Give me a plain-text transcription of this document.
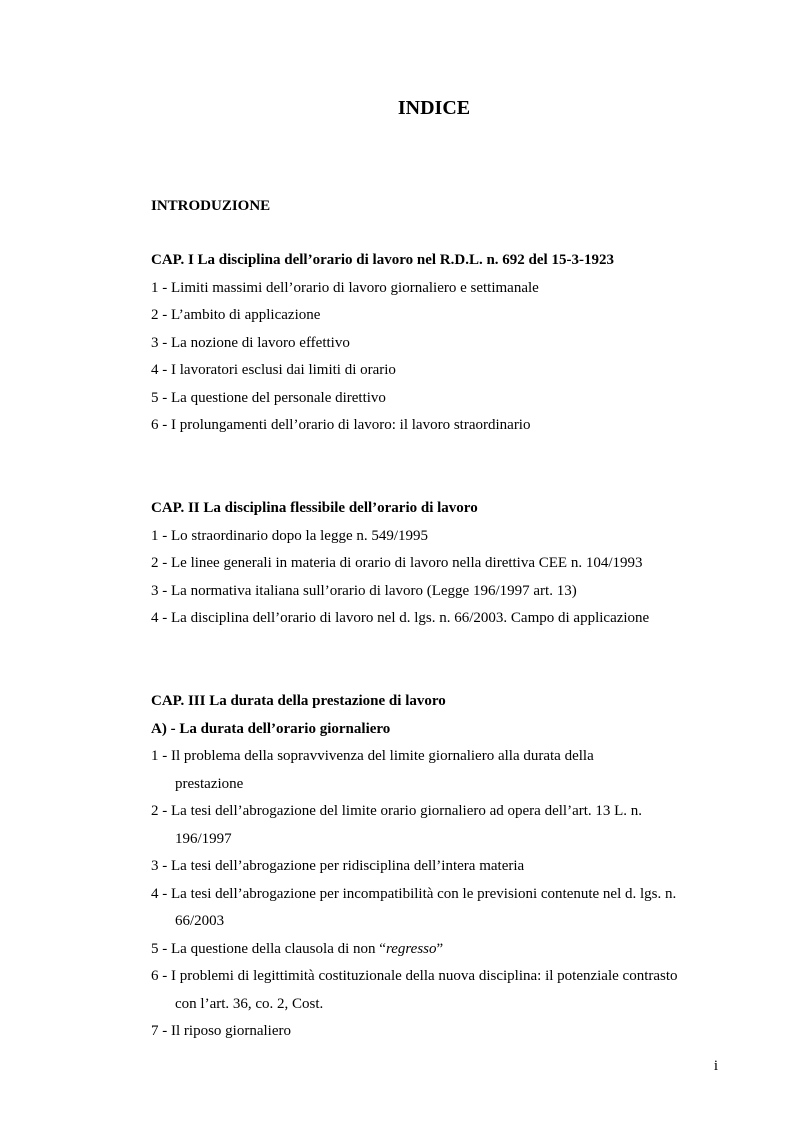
INDICE
INTRODUZIONE
CAP. I La disciplina dell’orario di lavoro nel R.D.L. n. 692 del 15-3-1923
1 - Limiti massimi dell’orario di lavoro giornaliero e settimanale
2 - L’ambito di applicazione
3 - La nozione di lavoro effettivo
4 - I lavoratori esclusi dai limiti di orario
5 - La questione del personale direttivo
6 - I prolungamenti dell’orario di lavoro: il lavoro straordinario
CAP. II La disciplina flessibile dell’orario di lavoro
1 - Lo straordinario dopo la legge n. 549/1995
2 - Le linee generali in materia di orario di lavoro nella direttiva CEE n. 104/1993
3 - La normativa italiana sull’orario di lavoro (Legge 196/1997 art. 13)
4 - La disciplina dell’orario di lavoro nel d. lgs. n. 66/2003. Campo di applicazione
CAP. III La durata della prestazione di lavoro
A) - La durata dell’orario giornaliero
1 - Il problema della sopravvivenza del limite giornaliero alla durata della
prestazione
2 - La tesi dell’abrogazione del limite orario giornaliero ad opera dell’art. 13 L. n.
196/1997
3 - La tesi dell’abrogazione per ridisciplina dell’intera materia
4 - La tesi dell’abrogazione per incompatibilità con le previsioni contenute nel d. lgs. n.
66/2003
5 - La questione della clausola di non “regresso”
6 - I problemi di legittimità costituzionale della nuova disciplina: il potenziale contrasto
con l’art. 36, co. 2, Cost.
7 - Il riposo giornaliero
i
